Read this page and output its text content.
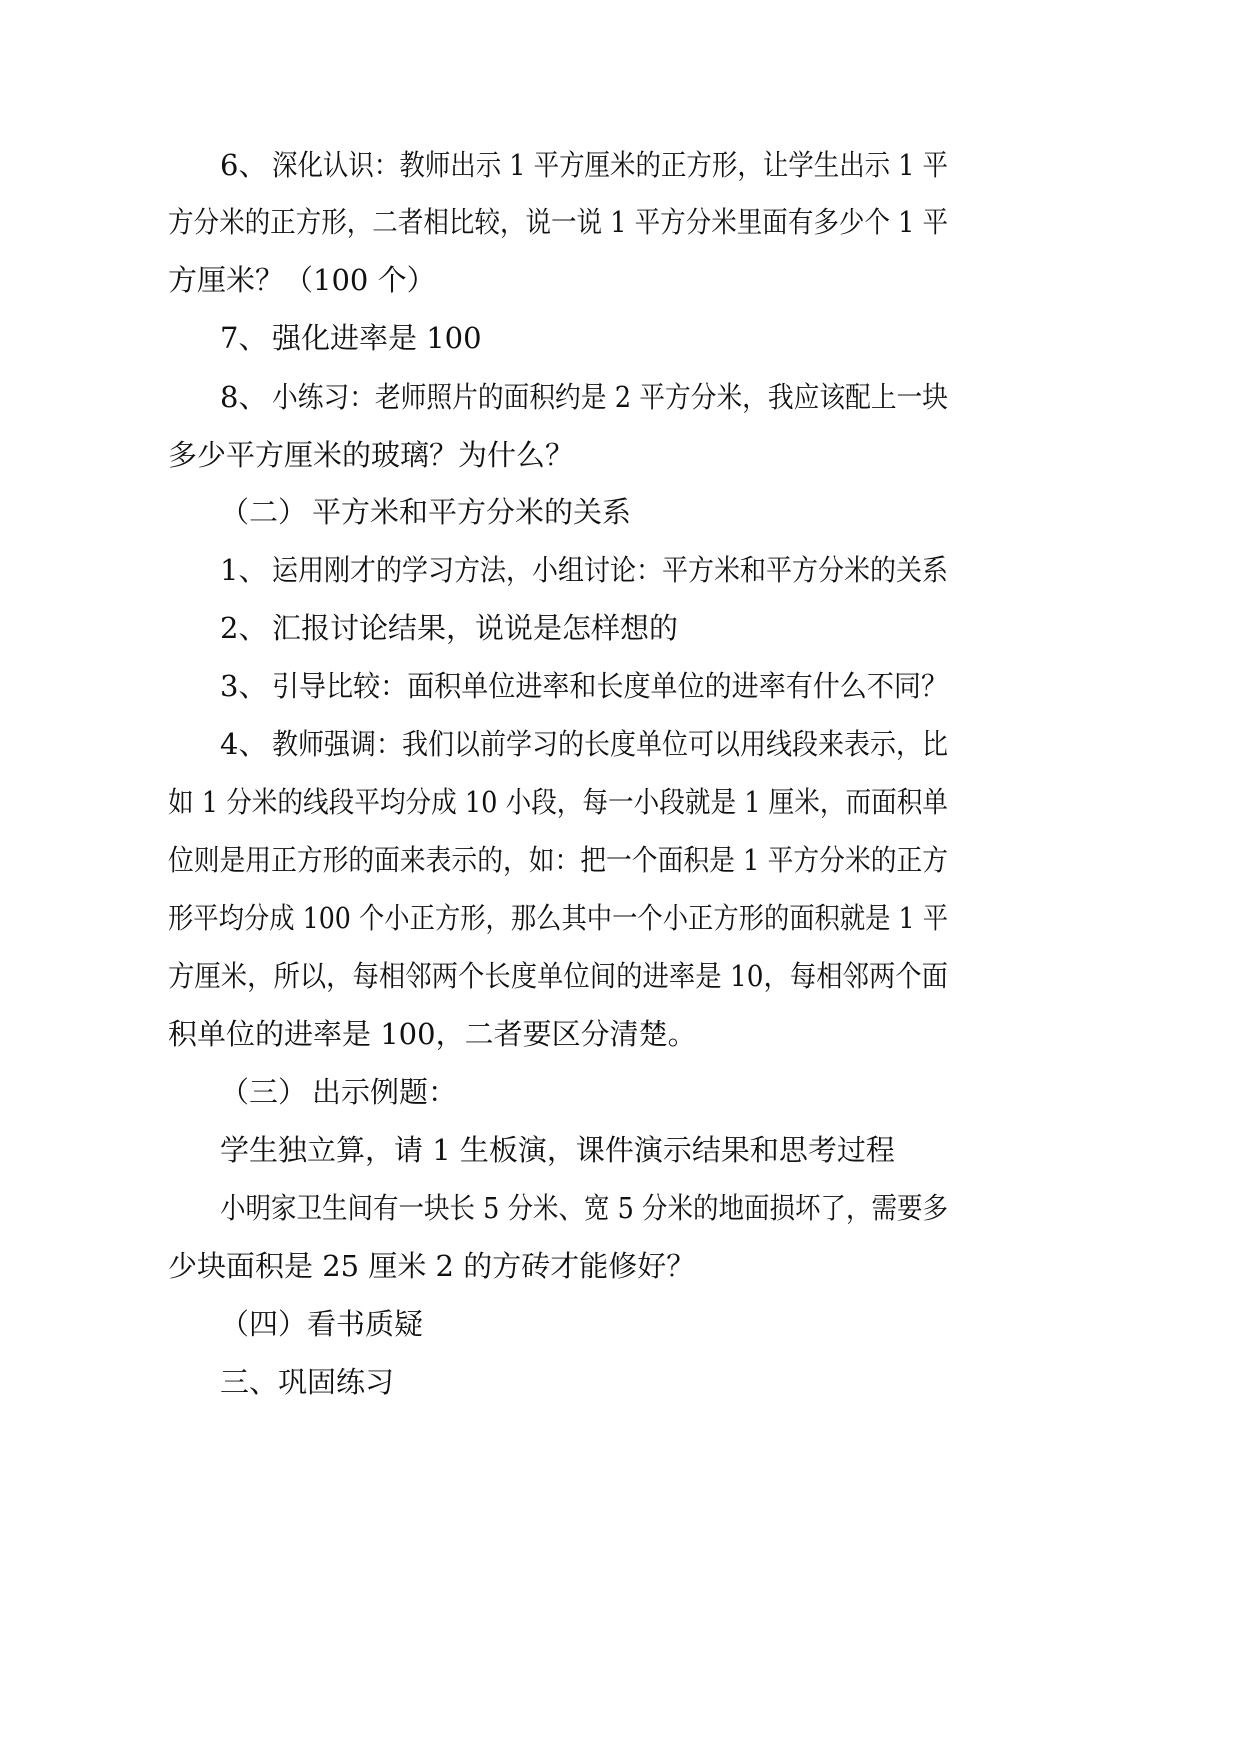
6、 深化认识：教师出示 1 平方厘米的正方形，让学生出示 1 平
方分米的正方形，二者相比较，说一说 1 平方分米里面有多少个 1 平
方厘米？（100 个）
7、 强化进率是 100
8、 小练习：老师照片的面积约是 2 平方分米，我应该配上一块
多少平方厘米的玻璃？为什么？
（二） 平方米和平方分米的关系
1、 运用刚才的学习方法，小组讨论：平方米和平方分米的关系
2、 汇报讨论结果，说说是怎样想的
3、 引导比较：面积单位进率和长度单位的进率有什么不同？
4、 教师强调：我们以前学习的长度单位可以用线段来表示，比
如 1 分米的线段平均分成 10 小段，每一小段就是 1 厘米，而面积单
位则是用正方形的面来表示的，如：把一个面积是 1 平方分米的正方
形平均分成 100 个小正方形，那么其中一个小正方形的面积就是 1 平
方厘米，所以，每相邻两个长度单位间的进率是 10，每相邻两个面
积单位的进率是 100，二者要区分清楚。
（三） 出示例题：
学生独立算，请 1 生板演，课件演示结果和思考过程
小明家卫生间有一块长 5 分米、宽 5 分米的地面损坏了，需要多
少块面积是 25 厘米 2 的方砖才能修好？
（四）看书质疑
三、巩固练习
